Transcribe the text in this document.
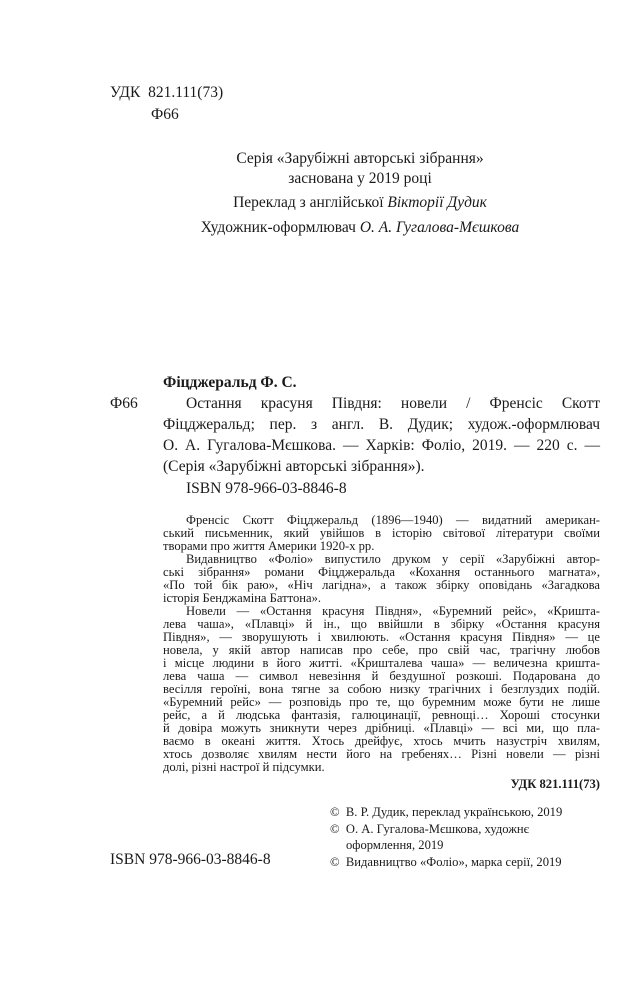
УДК 821.111(73)
Ф66
Серія «Зарубіжні авторські зібрання»
заснована у 2019 році
Переклад з англійської Вікторії Дудик
Художник-оформлювач О. А. Гугалова-Мєшкова
Фіцджеральд Ф. С.
Ф66	Остання красуня Півдня: новели / Френсіс Скотт
Фіцджеральд; пер. з англ. В. Дудик; худож.-оформлювач
О. А. Гугалова-Мєшкова. — Харків: Фоліо, 2019. — 220 с. —
(Серія «Зарубіжні авторські зібрання»).
ISBN 978-966-03-8846-8
Френсіс Скотт Фіцджеральд (1896—1940) — видатний американ-
ський письменник, який увійшов в історію світової літератури своїми
творами про життя Америки 1920-х рр.
Видавництво «Фоліо» випустило друком у серії «Зарубіжні автор-
ські зібрання» романи Фіцджеральда «Кохання останнього магната»,
«По той бік раю», «Ніч лагідна», а також збірку оповідань «Загадкова
історія Бенджаміна Баттона».
Новели — «Остання красуня Півдня», «Буремний рейс», «Кришта-
лева чаша», «Плавці» й ін., що ввійшли в збірку «Остання красуня
Півдня», — зворушують і хвилюють. «Остання красуня Півдня» — це
новела, у якій автор написав про себе, про свій час, трагічну любов
і місце людини в його житті. «Кришталева чаша» — величезна кришта-
лева чаша — символ невезіння й бездушної розкоші. Подарована до
весілля героїні, вона тягне за собою низку трагічних і безглуздих подій.
«Буремний рейс» — розповідь про те, що буремним може бути не лише
рейс, а й людська фантазія, галюцинації, ревнощі… Хороші стосунки
й довіра можуть зникнути через дрібниці. «Плавці» — всі ми, що пла-
ваємо в океані життя. Хтось дрейфує, хтось мчить назустріч хвилям,
хтось дозволяє хвилям нести його на гребенях… Різні новели — різні
долі, різні настрої й підсумки.
УДК 821.111(73)
© В. Р. Дудик, переклад українською, 2019
© О. А. Гугалова-Мєшкова, художнє
оформлення, 2019
© Видавництво «Фоліо», марка серії, 2019
ISBN 978-966-03-8846-8
